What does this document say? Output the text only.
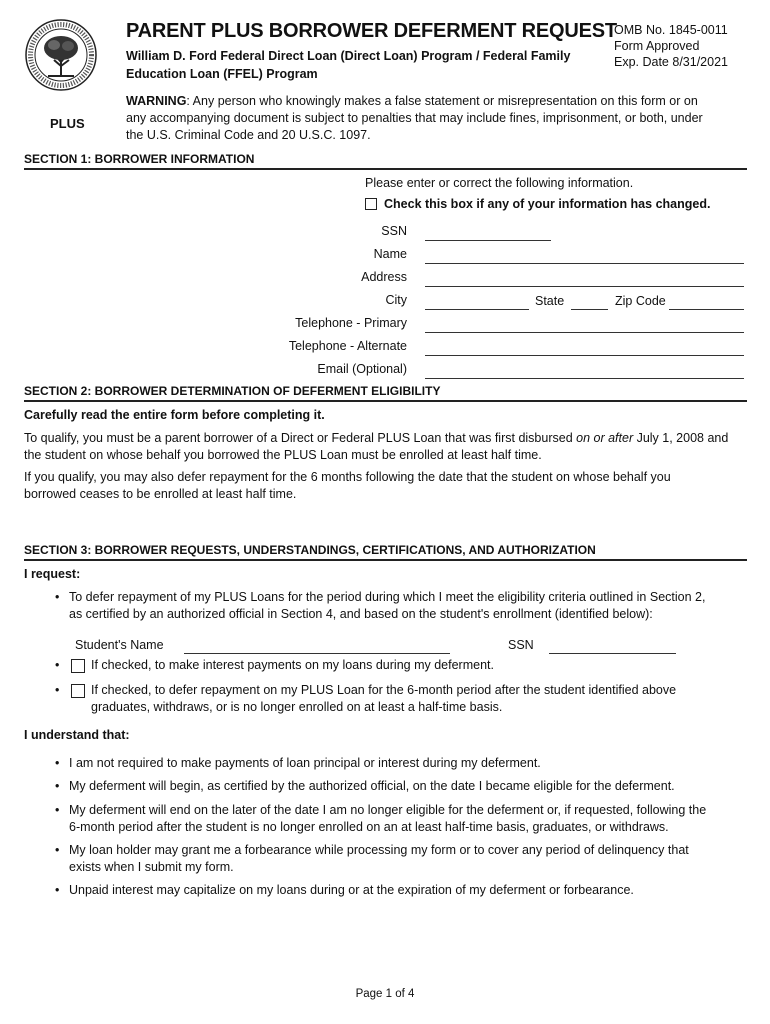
PLUS
PARENT PLUS BORROWER DEFERMENT REQUEST
William D. Ford Federal Direct Loan (Direct Loan) Program / Federal Family
Education Loan (FFEL) Program
OMB No. 1845-0011
Form Approved
Exp. Date 8/31/2021
WARNING: Any person who knowingly makes a false statement or misrepresentation on this form or on
any accompanying document is subject to penalties that may include fines, imprisonment, or both, under
the U.S. Criminal Code and 20 U.S.C. 1097.
SECTION 1: BORROWER INFORMATION
Please enter or correct the following information.
Check this box if any of your information has changed.
SSN
Name
Address
City	State	Zip Code
Telephone - Primary
Telephone - Alternate
Email (Optional)
SECTION 2: BORROWER DETERMINATION OF DEFERMENT ELIGIBILITY
Carefully read the entire form before completing it.
To qualify, you must be a parent borrower of a Direct or Federal PLUS Loan that was first disbursed on or after July 1, 2008 and
the student on whose behalf you borrowed the PLUS Loan must be enrolled at least half time.
If you qualify, you may also defer repayment for the 6 months following the date that the student on whose behalf you
borrowed ceases to be enrolled at least half time.
SECTION 3: BORROWER REQUESTS, UNDERSTANDINGS, CERTIFICATIONS, AND AUTHORIZATION
I request:
• To defer repayment of my PLUS Loans for the period during which I meet the eligibility criteria outlined in Section 2,
as certified by an authorized official in Section 4, and based on the student's enrollment (identified below):
Student's Name	SSN
•	If checked, to make interest payments on my loans during my deferment.
•	If checked, to defer repayment on my PLUS Loan for the 6-month period after the student identified above
graduates, withdraws, or is no longer enrolled on at least a half-time basis.
I understand that:
• I am not required to make payments of loan principal or interest during my deferment.
• My deferment will begin, as certified by the authorized official, on the date I became eligible for the deferment.
• My deferment will end on the later of the date I am no longer eligible for the deferment or, if requested, following the
6-month period after the student is no longer enrolled on an at least half-time basis, graduates, or withdraws.
• My loan holder may grant me a forbearance while processing my form or to cover any period of delinquency that
exists when I submit my form.
• Unpaid interest may capitalize on my loans during or at the expiration of my deferment or forbearance.
Page 1 of 4
